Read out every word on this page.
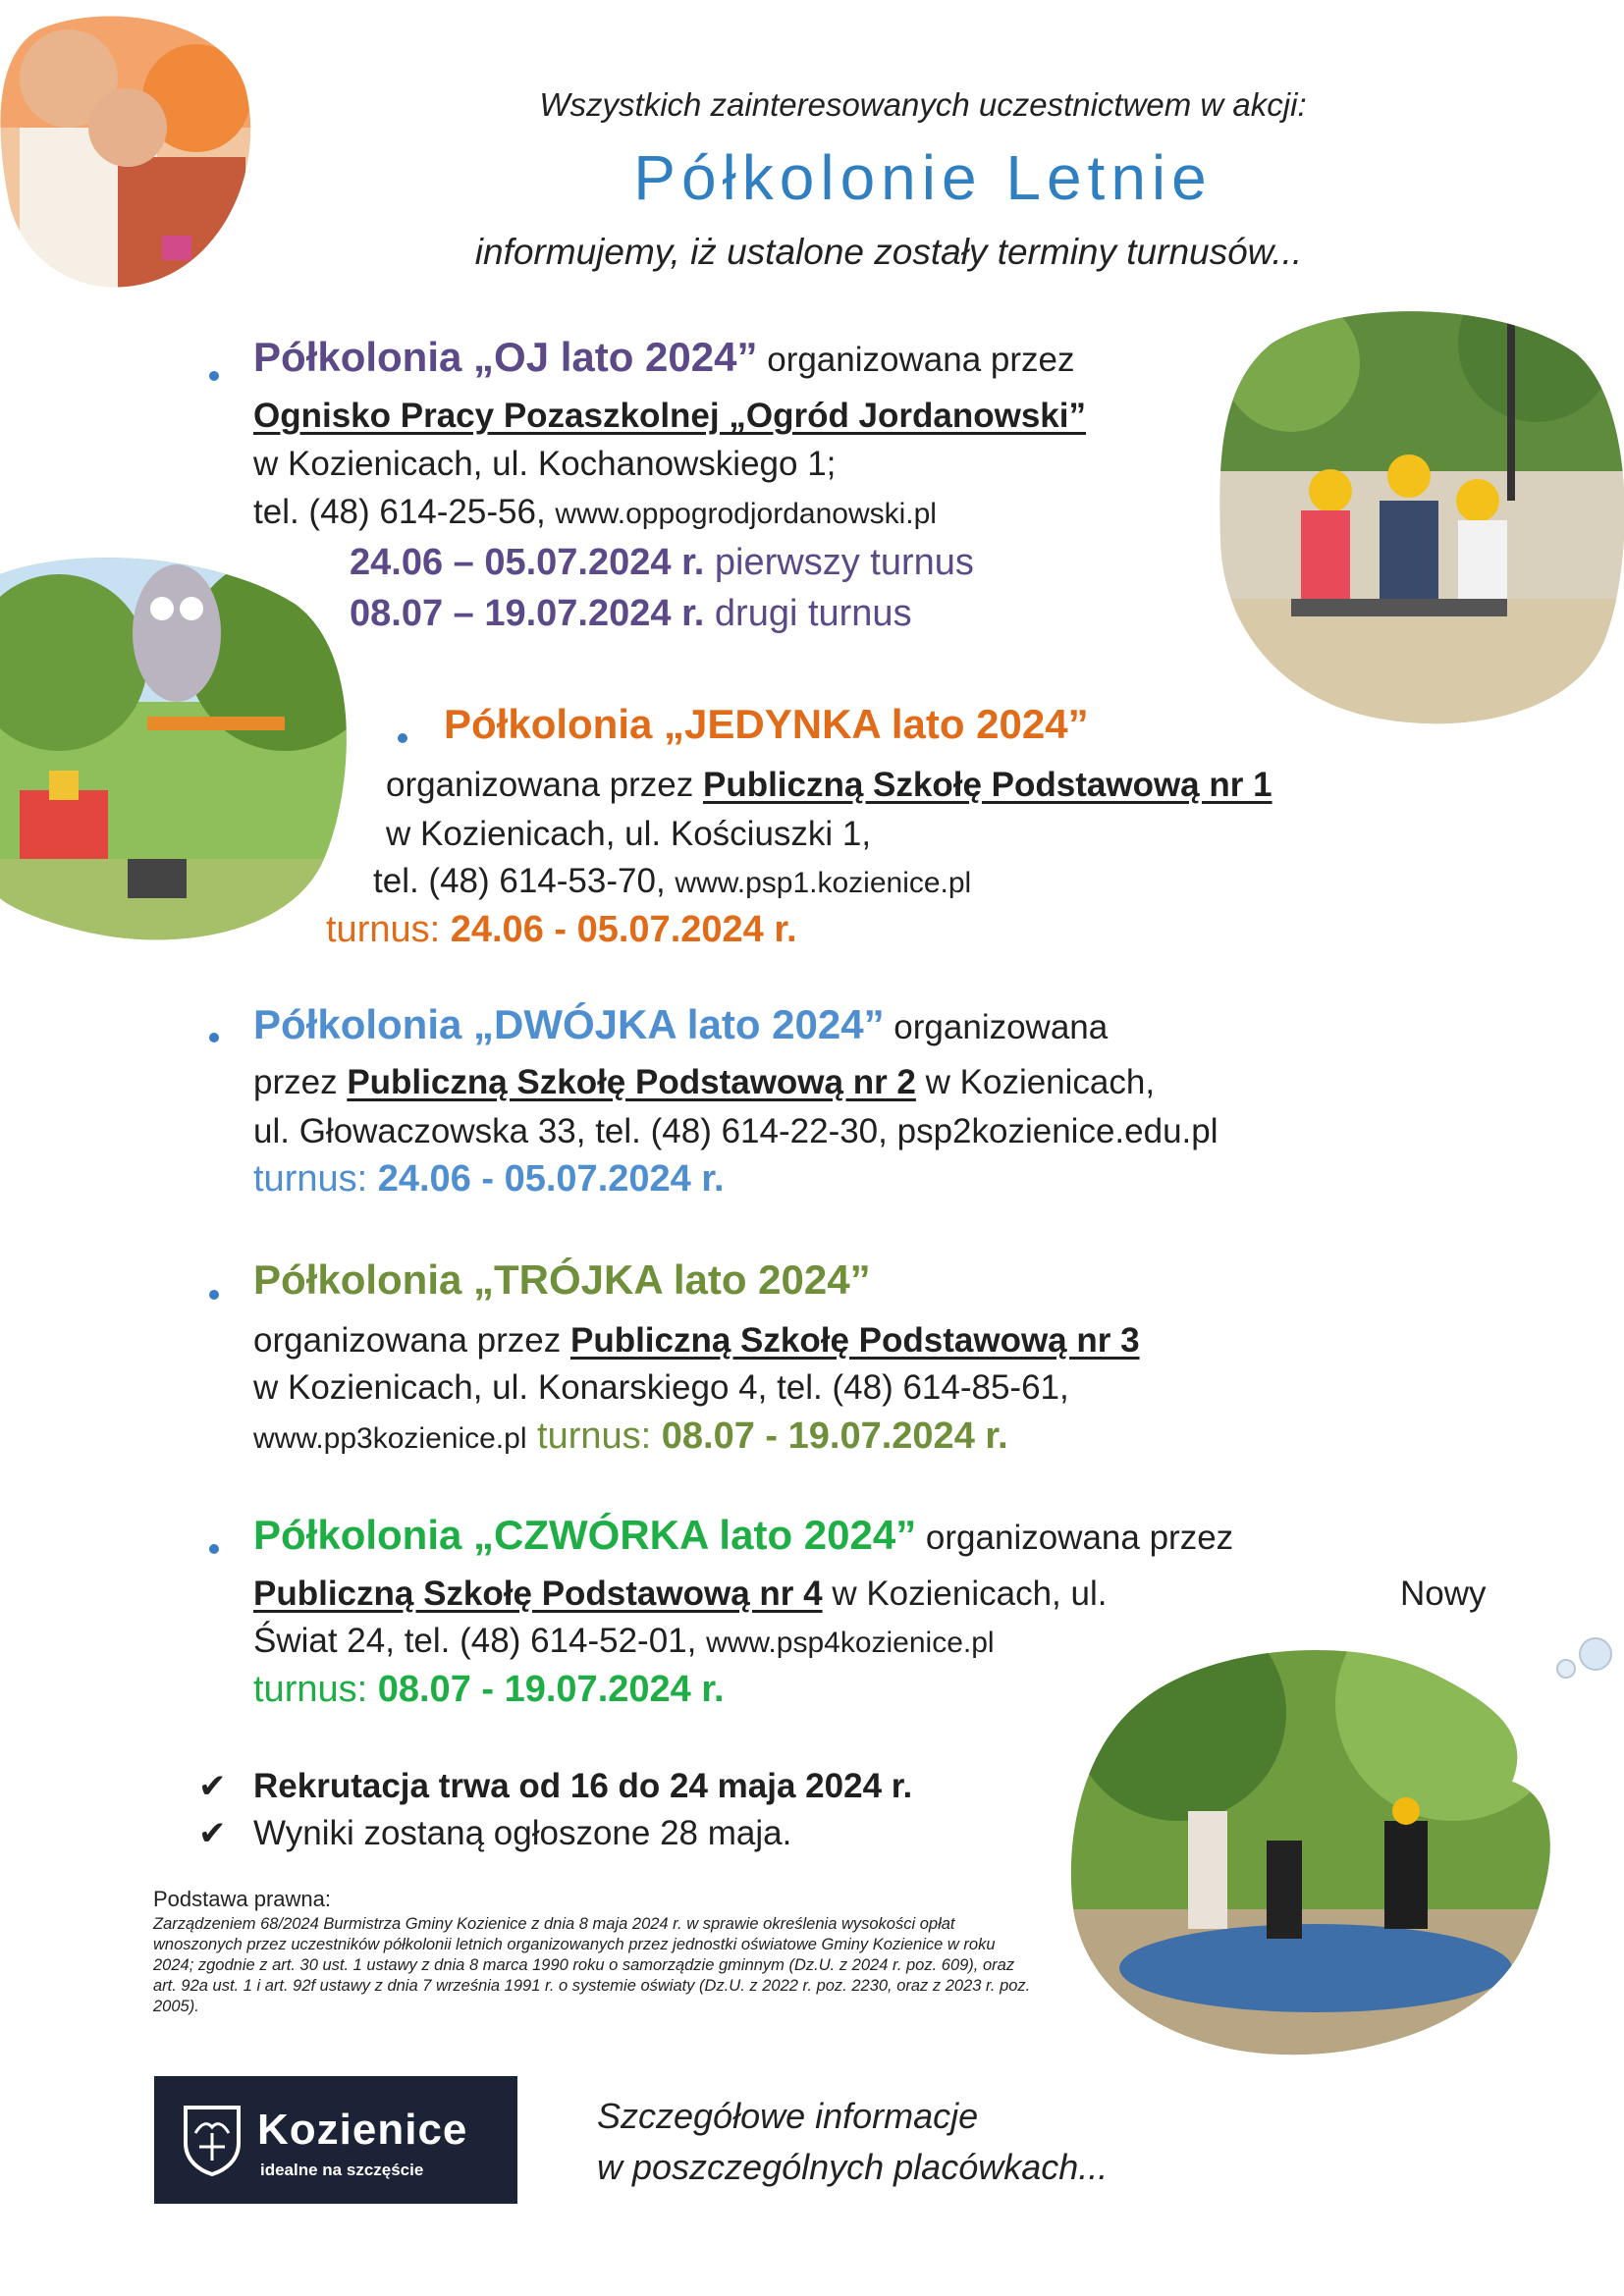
Wszystkich zainteresowanych uczestnictwem w akcji:
Półkolonie Letnie
informujemy, iż ustalone zostały terminy turnusów...
Półkolonia „OJ lato 2024” organizowana przez
Ognisko Pracy Pozaszkolnej „Ogród Jordanowski”
w Kozienicach, ul. Kochanowskiego 1;
tel. (48) 614-25-56, www.oppogrodjordanowski.pl
24.06 – 05.07.2024 r. pierwszy turnus
08.07 – 19.07.2024 r. drugi turnus
Półkolonia „JEDYNKA lato 2024”
organizowana przez Publiczną Szkołę Podstawową nr 1
w Kozienicach, ul. Kościuszki 1,
tel. (48) 614-53-70, www.psp1.kozienice.pl
turnus: 24.06 - 05.07.2024 r.
Półkolonia „DWÓJKA lato 2024” organizowana
przez Publiczną Szkołę Podstawową nr 2 w Kozienicach,
ul. Głowaczowska 33, tel. (48) 614-22-30, psp2kozienice.edu.pl
turnus: 24.06 - 05.07.2024 r.
Półkolonia „TRÓJKA lato 2024”
organizowana przez Publiczną Szkołę Podstawową nr 3
w Kozienicach, ul. Konarskiego 4, tel. (48) 614-85-61,
www.pp3kozienice.pl turnus: 08.07 - 19.07.2024 r.
Półkolonia „CZWÓRKA lato 2024” organizowana przez
Publiczną Szkołę Podstawową nr 4 w Kozienicach, ul.	Nowy
Świat 24, tel. (48) 614-52-01, www.psp4kozienice.pl
turnus: 08.07 - 19.07.2024 r.
✔ Rekrutacja trwa od 16 do 24 maja 2024 r.
✔ Wyniki zostaną ogłoszone 28 maja.
Podstawa prawna:
Zarządzeniem 68/2024 Burmistrza Gminy Kozienice z dnia 8 maja 2024 r. w sprawie określenia wysokości opłat wnoszonych przez uczestników półkolonii letnich organizowanych przez jednostki oświatowe Gminy Kozienice w roku 2024; zgodnie z art. 30 ust. 1 ustawy z dnia 8 marca 1990 roku o samorządzie gminnym (Dz.U. z 2024 r. poz. 609), oraz art. 92a ust. 1 i art. 92f ustawy z dnia 7 września 1991 r. o systemie oświaty (Dz.U. z 2022 r. poz. 2230, oraz z 2023 r. poz. 2005).
Kozienice
idealne na szczęście
Szczegółowe informacje
w poszczególnych placówkach...
